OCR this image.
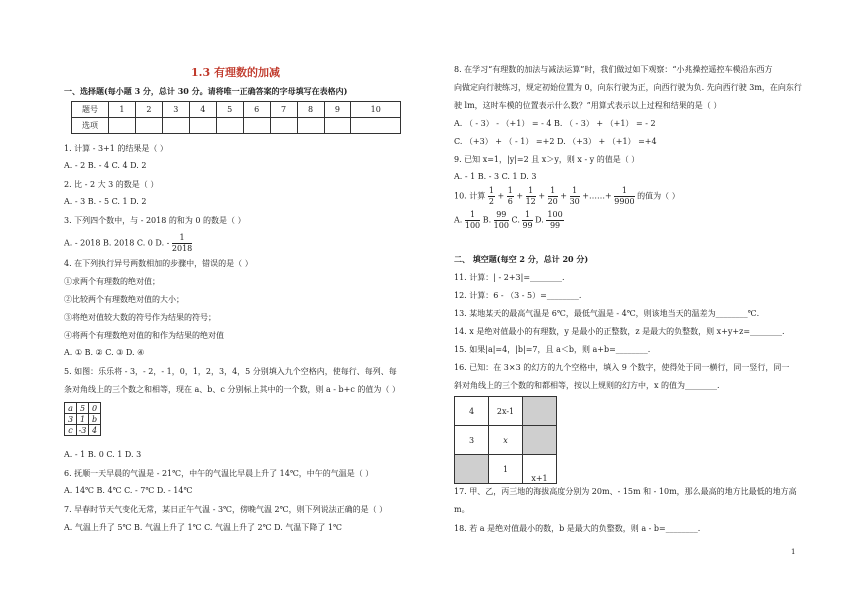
1.3 有理数的加减
一、选择题(每小题 3 分，总计 30 分。请将唯一正确答案的字母填写在表格内)
题号	1	2	3	4	5	6	7	8	9	10
选项										
1. 计算 - 3+1 的结果是（ ）
A. - 2 B. - 4 C. 4 D. 2
2. 比 - 2 大 3 的数是（ ）
A. - 3 B. - 5 C. 1 D. 2
3. 下列四个数中，与 - 2018 的和为 0 的数是（ ）
A. - 2018 B. 2018 C. 0 D. - $\frac{1}{2018}$
4. 在下列执行异号两数相加的步骤中，错误的是（ ）
①求两个有理数的绝对值；
②比较两个有理数绝对值的大小；
③将绝对值较大数的符号作为结果的符号；
④将两个有理数绝对值的和作为结果的绝对值
A. ① B. ② C. ③ D. ④
5. 如图：乐乐将 - 3，- 2，- 1，0，1，2，3，4，5 分别填入九个空格内，使每行、每列、每
条对角线上的三个数之和相等，现在 a、b、c 分别标上其中的一个数，则 a - b+c 的值为（ ）
a	5	0
3	1	b
c	-3	4
A. - 1 B. 0 C. 1 D. 3
6. 抚顺一天早晨的气温是 - 21℃，中午的气温比早晨上升了 14℃，中午的气温是（ ）
A. 14℃ B. 4℃ C. - 7℃ D. - 14℃
7. 早春时节天气变化无常，某日正午气温 - 3℃，傍晚气温 2℃，则下列说法正确的是（ ）
A. 气温上升了 5℃ B. 气温上升了 1℃ C. 气温上升了 2℃ D. 气温下降了 1℃
8. 在学习“有理数的加法与减法运算”时，我们做过如下观察：“小兆操控遥控车模沿东西方
向做定向行驶练习，规定初始位置为 0，向东行驶为正，向西行驶为负. 先向西行驶 3m，在向东行
驶 lm，这时车模的位置表示什么数？”用算式表示以上过程和结果的是（ ）
A. （ - 3） - （+1） = - 4 B. （ - 3） + （+1） = - 2
C. （+3） + （ - 1） =+2 D. （+3） + （+1） =+4
9. 已知 x=1，|y|=2 且 x＞y，则 x - y 的值是（ ）
A. - 1 B. - 3 C. 1 D. 3
10. 计算 $\frac{1}{2} + \frac{1}{6} + \frac{1}{12} + \frac{1}{20} + \frac{1}{30}$ +……+ $\frac{1}{9900}$ 的值为（ ）
A. $\frac{1}{100} B$. $\frac{99}{100} C$. $\frac{1}{99} D$. $\frac{100}{99}$
二、 填空题(每空 2 分，总计 20 分)
11. 计算：| - 2+3|=________.
12. 计算：6 - （3 - 5）=________.
13. 某地某天的最高气温是 6℃，最低气温是 - 4℃，则该地当天的温差为________℃.
14. x 是绝对值最小的有理数，y 是最小的正整数，z 是最大的负整数，则 x+y+z=________.
15. 如果|a|=4，|b|=7，且 a＜b，则 a+b=________.
16. 已知：在 3×3 的幻方的九个空格中，填入 9 个数字，使得处于同一横行，同一竖行，同一
斜对角线上的三个数的和都相等，按以上规则的幻方中，x 的值为________.
4	2x-1	
3	x	
	1	x+1
17. 甲、乙，丙三地的海拔高度分别为 20m、- 15m 和 - 10m，那么最高的地方比最低的地方高
m。
18. 若 a 是绝对值最小的数，b 是最大的负整数，则 a - b=________.
1
